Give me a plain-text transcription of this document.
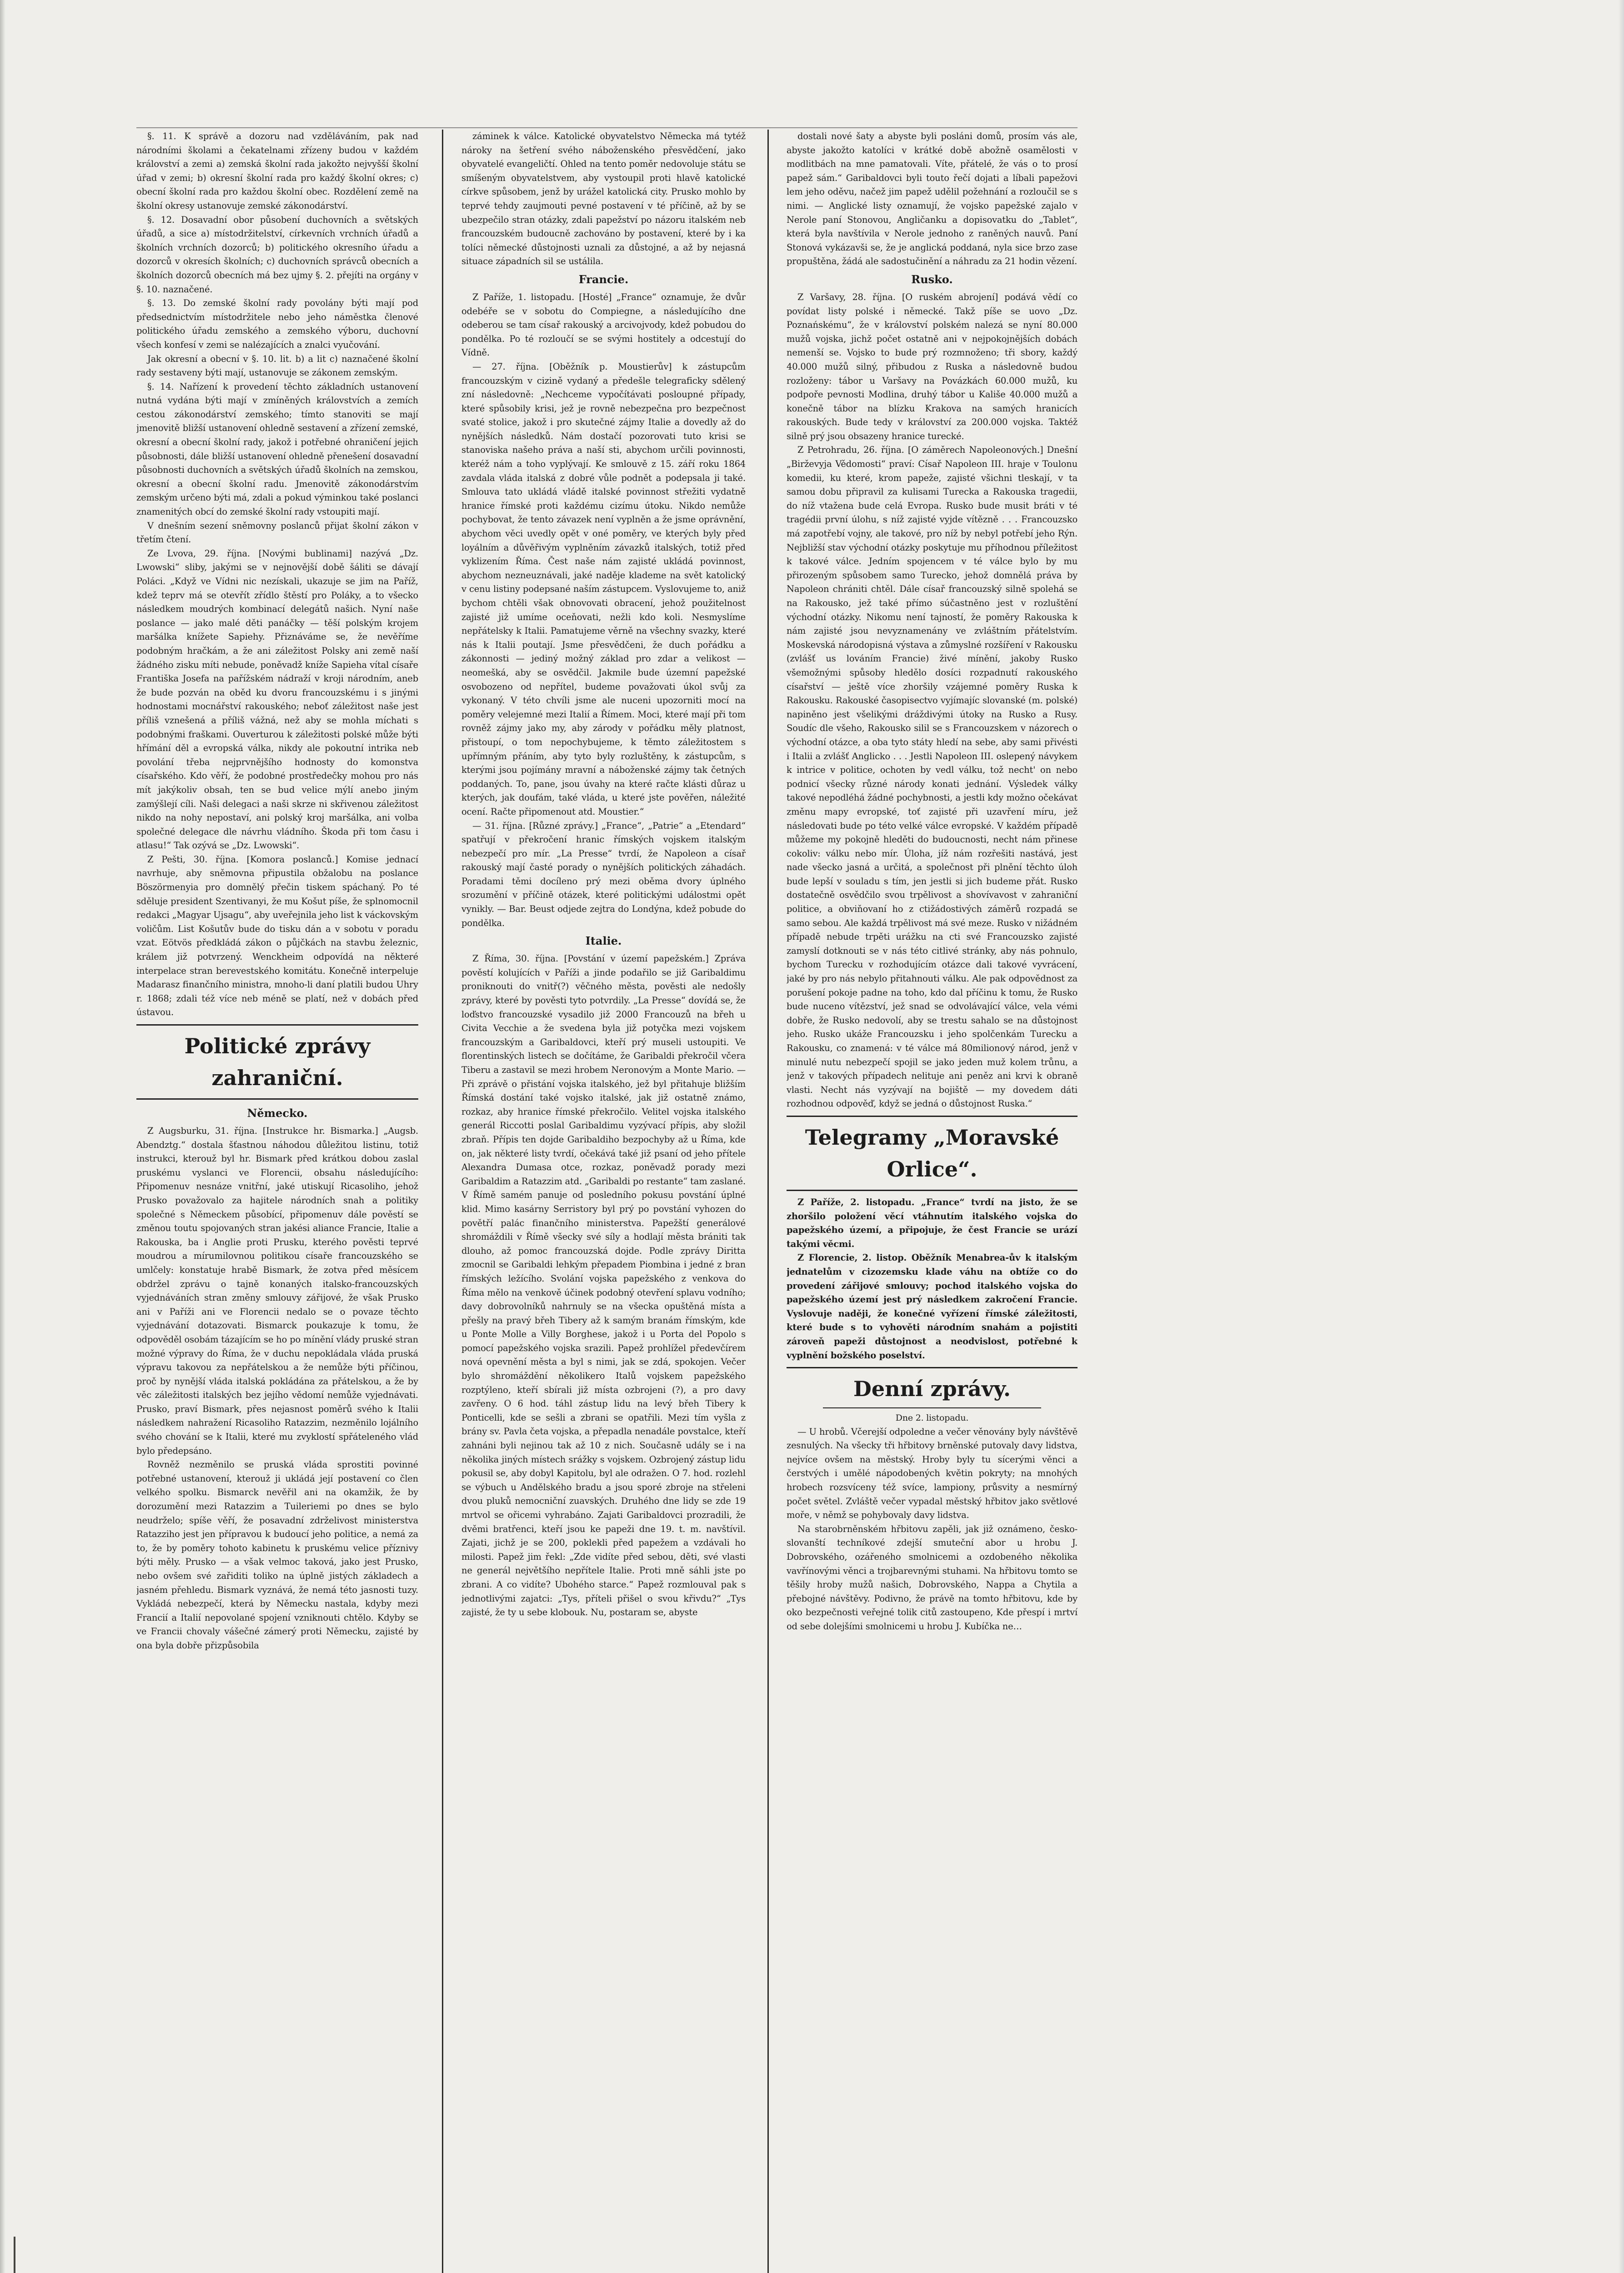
§. 11. K správě a dozoru nad vzděláváním, pak nad národními školami a čekatelnami zřízeny budou v každém království a zemi a) zemská školní rada jakožto nejvyšší školní úřad v zemi; b) okresní školní rada pro každý školní okres; c) obecní školní rada pro každou školní obec. Rozdělení země na školní okresy ustanovuje zemské zákonodárství.

§. 12. Dosavadní obor působení duchovních a světských úřadů, a sice a) místodržitelství, církevních vrchních úřadů a školních vrchních dozorců; b) politického okresního úřadu a dozorců v okresích školních; c) duchovních správců obecních a školních dozorců obecních má bez ujmy §. 2. přejíti na orgány v §. 10. naznačené.

§. 13. Do zemské školní rady povolány býti mají pod předsednictvím místodržitele nebo jeho náměstka členové politického úřadu zemského a zemského výboru, duchovní všech konfesí v zemi se nalézajících a znalci vyučování.

Jak okresní a obecní v §. 10. lit. b) a lit c) naznačené školní rady sestaveny býti mají, ustanovuje se zákonem zemským.

§. 14. Nařízení k provedení těchto základních ustanovení nutná vydána býti mají v zmíněných královstvích a zemích cestou zákonodárství zemského; tímto stanoviti se mají jmenovitě bližší ustanovení ohledně sestavení a zřízení zemské, okresní a obecní školní rady, jakož i potřebné ohraničení jejich působnosti, dále bližší ustanovení ohledně přenešení dosavadní působnosti duchovních a světských úřadů školních na zemskou, okresní a obecní školní radu. Jmenovitě zákonodárstvím zemským určeno býti má, zdali a pokud výminkou také poslanci znamenitých obcí do zemské školní rady vstoupiti mají.

V dnešním sezení sněmovny poslanců přijat školní zákon v třetím čtení.

Ze Lvova, 29. října. [Novými bublinami] nazývá „Dz. Lwowski“ sliby, jakými se v nejnovější době šáliti se dávají Poláci. „Když ve Vídni nic nezískali, ukazuje se jim na Paříž, kdež teprv má se otevřít zřídlo štěstí pro Poláky, a to všecko následkem moudrých kombinací delegátů našich. Nyní naše poslance — jako malé děti panáčky — těší polským krojem maršálka knížete Sapiehy. Přiznáváme se, že nevěříme podobným hračkám, a že ani záležitost Polsky ani země naší žádného zisku míti nebude, poněvadž kníže Sapieha vítal císaře Františka Josefa na pařížském nádraží v kroji národním, aneb že bude pozván na oběd ku dvoru francouzskému i s jinými hodnostami mocnářství rakouského; neboť záležitost naše jest příliš vznešená a příliš vážná, než aby se mohla míchati s podobnými fraškami. Ouverturou k záležitosti polské může býti hřímání děl a evropská válka, nikdy ale pokoutní intrika neb povolání třeba nejprvnějšího hodnosty do komonstva císařského. Kdo věří, že podobné prostředečky mohou pro nás mít jakýkoliv obsah, ten se bud velice mýlí anebo jiným zamýšlejí cíli. Naši delegaci a naši skrze ni skřivenou záležitost nikdo na nohy nepostaví, ani polský kroj maršálka, ani volba společné delegace dle návrhu vládního. Škoda při tom času i atlasu!“ Tak ozývá se „Dz. Lwowski“.

Z Pešti, 30. října. [Komora poslanců.] Komise jednací navrhuje, aby sněmovna připustila obžalobu na poslance Böszörmenyia pro domnělý přečin tiskem spáchaný. Po té sděluje president Szentivanyi, že mu Košut píše, že splnomocnil redakci „Magyar Ujsagu“, aby uveřejnila jeho list k váckovským voličům. List Košutův bude do tisku dán a v sobotu v poradu vzat. Eötvös předkládá zákon o půjčkách na stavbu železnic, králem již potvrzený. Wenckheim odpovídá na některé interpelace stran berevestského komitátu. Konečně interpeluje Madarasz finančního ministra, mnoho-li daní platili budou Uhry r. 1868; zdali též více neb méně se platí, než v dobách před ústavou.

Politické zprávy zahraniční.
Německo.

Z Augsburku, 31. října. [Instrukce hr. Bismarka.] „Augsb. Abendztg.“ dostala šťastnou náhodou důležitou listinu, totiž instrukci, kterouž byl hr. Bismark před krátkou dobou zaslal pruskému vyslanci ve Florencii, obsahu následujícího: Připomenuv nesnáze vnitřní, jaké utiskují Ricasoliho, jehož Prusko považovalo za hajitele národních snah a politiky společné s Německem působící, připomenuv dále pověstí se změnou toutu spojovaných stran jakési aliance Francie, Italie a Rakouska, ba i Anglie proti Prusku, kterého pověsti teprvé moudrou a mírumilovnou politikou císaře francouzského se umlčely: konstatuje hrabě Bismark, že zotva před měsícem obdržel zprávu o tajně konaných italsko-francouzských vyjednáváních stran změny smlouvy zářijové, že však Prusko ani v Paříži ani ve Florencii nedalo se o povaze těchto vyjednávání dotazovati. Bismarck poukazuje k tomu, že odpověděl osobám tázajícím se ho po mínění vlády pruské stran možné výpravy do Říma, že v duchu nepokládala vláda pruská výpravu takovou za nepřátelskou a že nemůže býti příčinou, proč by nynější vláda italská pokládána za přátelskou, a že by věc záležitosti italských bez jejího vědomí nemůže vyjednávati. Prusko, praví Bismark, přes nejasnost poměrů svého k Italii následkem nahražení Ricasoliho Ratazzim, nezměnilo lojálního svého chování se k Italii, které mu zvyklostí spřáteleného vlád bylo předepsáno.

Rovněž nezměnilo se pruská vláda sprostiti povinné potřebné ustanovení, kterouž ji ukládá její postavení co člen velkého spolku. Bismarck nevěřil ani na okamžik, že by dorozumění mezi Ratazzim a Tuileriemi po dnes se bylo neudrželo; spíše věří, že posavadní zdrželivost ministerstva Ratazziho jest jen přípravou k budoucí jeho politice, a nemá za to, že by poměry tohoto kabinetu k pruskému velice příznivy býti měly. Prusko — a však velmoc taková, jako jest Prusko, nebo ovšem své zařiditi toliko na úplně jistých základech a jasném přehledu. Bismark vyznává, že nemá této jasnosti tuzy. Vykládá nebezpečí, která by Německu nastala, kdyby mezi Francií a Italií nepovolané spojení vzniknouti chtělo. Kdyby se ve Francii chovaly vášečné zámerý proti Německu, zajisté by ona byla dobře přizpůsobila

záminek k válce. Katolické obyvatelstvo Německa má tytéž nároky na šetření svého náboženského přesvědčení, jako obyvatelé evangeličtí. Ohled na tento poměr nedovoluje státu se smíšeným obyvatelstvem, aby vystoupil proti hlavě katolické církve spůsobem, jenž by urážel katolická city. Prusko mohlo by teprvé tehdy zaujmouti pevné postavení v té příčině, až by se ubezpečilo stran otázky, zdali papežství po názoru italském neb francouzském budoucně zachováno by postavení, které by i ka tolíci německé důstojnosti uznali za důstojné, a až by nejasná situace západních sil se ustálila.

Francie.

Z Paříže, 1. listopadu. [Hosté] „France“ oznamuje, že dvůr odebéře se v sobotu do Compiegne, a následujícího dne odeberou se tam císař rakouský a arcivojvody, kdež pobudou do pondělka. Po té rozloučí se se svými hostitely a odcestují do Vídně.

— 27. října. [Oběžník p. Moustierův] k zástupcům francouzským v cizině vydaný a předešle telegraficky sdělený zní následovně: „Nechceme vypočítávati posloupné případy, které spůsobily krisi, jež je rovně nebezpečna pro bezpečnost svaté stolice, jakož i pro skutečné zájmy Italie a dovedly až do nynějších následků. Nám dostačí pozorovati tuto krisi se stanoviska našeho práva a naší sti, abychom určili povinnosti, kteréž nám a toho vyplývají. Ke smlouvě z 15. září roku 1864 zavdala vláda italská z dobré vůle podnět a podepsala ji také. Smlouva tato ukládá vládě italské povinnost střežiti vydatně hranice římské proti každému cizímu útoku. Nikdo nemůže pochybovat, že tento závazek není vyplněn a že jsme oprávnění, abychom věci uvedly opět v oné poměry, ve kterých byly před loyálním a důvěřivým vyplněním závazků italských, totiž před vyklizením Říma. Čest naše nám zajisté ukládá povinnost, abychom nezneuznávali, jaké naděje klademe na svět katolický v cenu listiny podepsané naším zástupcem. Vyslovujeme to, aniž bychom chtěli však obnovovati obracení, jehož použitelnost zajisté již umíme oceňovati, nežli kdo koli. Nesmyslíme nepřátelsky k Italii. Pamatujeme věrně na všechny svazky, které nás k Italii poutají. Jsme přesvědčeni, že duch pořádku a zákonnosti — jediný možný základ pro zdar a velikost — neomešká, aby se osvědčil. Jakmile bude územní papežské osvobozeno od nepřítel, budeme považovati úkol svůj za vykonaný. V této chvíli jsme ale nuceni upozorniti mocí na poměry velejemné mezi Italií a Římem. Moci, které mají při tom rovněž zájmy jako my, aby zárody v pořádku měly platnost, přistoupí, o tom nepochybujeme, k těmto záležitostem s upřímným přáním, aby tyto byly rozluštěny, k zástupcům, s kterými jsou pojímány mravní a náboženské zájmy tak četných poddaných. To, pane, jsou úvahy na které račte klásti důraz u kterých, jak doufám, také vláda, u které jste pověřen, náležité ocení. Račte připomenout atd. Moustier.“

— 31. října. [Různé zprávy.] „France“, „Patrie“ a „Etendard“ spatřují v překročení hranic římských vojskem italským nebezpečí pro mír. „La Presse“ tvrdí, že Napoleon a císař rakouský mají časté porady o nynějších politických záhadách. Poradami těmi docíleno prý mezi oběma dvory úplného srozumění v příčině otázek, které politickými událostmi opět vynikly. — Bar. Beust odjede zejtra do Londýna, kdež pobude do pondělka.

Italie.

Z Říma, 30. října. [Povstání v území papežském.] Zpráva pověstí kolujících v Paříži a jinde podařilo se již Garibaldimu proniknouti do vnitř(?) věčného města, pověsti ale nedošly zprávy, které by pověsti tyto potvrdily. „La Presse“ dovídá se, že loďstvo francouzské vysadilo již 2000 Francouzů na břeh u Civita Vecchie a že svedena byla již potyčka mezi vojskem francouzským a Garibaldovci, kteří prý museli ustoupiti. Ve florentinských listech se dočítáme, že Garibaldi překročil včera Tiberu a zastavil se mezi hrobem Neronovým a Monte Mario. — Při zprávě o přistání vojska italského, jež byl přitahuje bližším Římská dostání také vojsko italské, jak již ostatně známo, rozkaz, aby hranice římské překročilo. Velitel vojska italského generál Riccotti poslal Garibaldimu vyzývací přípis, aby složil zbraň. Přípis ten dojde Garibaldiho bezpochyby až u Říma, kde on, jak některé listy tvrdí, očekává také již psaní od jeho přítele Alexandra Dumasa otce, rozkaz, poněvadž porady mezi Garibaldim a Ratazzim atd. „Garibaldi po restante“ tam zaslané. V Římě samém panuje od posledního pokusu povstání úplné klid. Mimo kasárny Serristory byl prý po povstání vyhozen do povětří palác finančního ministerstva. Papežští generálové shromáždili v Římě všecky své síly a hodlají města brániti tak dlouho, až pomoc francouzská dojde. Podle zprávy Diritta zmocnil se Garibaldi lehkým přepadem Piombina i jedné z bran římských ležícího. Svolání vojska papežského z venkova do Říma mělo na venkově účinek podobný otevření splavu vodního; davy dobrovolníků nahrnuly se na všecka opuštěná místa a přešly na pravý břeh Tibery až k samým branám římským, kde u Ponte Molle a Villy Borghese, jakož i u Porta del Popolo s pomocí papežského vojska srazili. Papež prohlížel předevčírem nová opevnění města a byl s nimi, jak se zdá, spokojen. Večer bylo shromáždění několikero Italů vojskem papežského rozptýleno, kteří sbírali již místa ozbrojeni (?), a pro davy zavřeny. O 6 hod. táhl zástup lidu na levý břeh Tibery k Ponticelli, kde se sešli a zbrani se opatřili. Mezi tím vyšla z brány sv. Pavla četa vojska, a přepadla nenadále povstalce, kteří zahnáni byli nejinou tak až 10 z nich. Současně udály se i na několika jiných místech srážky s vojskem. Ozbrojený zástup lidu pokusil se, aby dobyl Kapitolu, byl ale odražen. O 7. hod. rozlehl se výbuch u Andělského bradu a jsou sporé zbroje na střeleni dvou pluků nemocniční zuavských. Druhého dne lidy se zde 19 mrtvol se ořicemi vyhrabáno. Zajati Garibaldovci prozradili, že dvěmi bratřenci, kteří jsou ke papeži dne 19. t. m. navštívil. Zajati, jichž je se 200, poklekli před papežem a vzdávali ho milosti. Papež jim řekl: „Zde vidíte před sebou, děti, své vlasti ne generál největšího nepřítele Italie. Proti mně sáhli jste po zbrani. A co vidíte? Ubohého starce.“ Papež rozmlouval pak s jednotlivými zajatci: „Tys, příteli přišel o svou křivdu?“ „Tys zajisté, že ty u sebe klobouk. Nu, postaram se, abyste

dostali nové šaty a abyste byli posláni domů, prosím vás ale, abyste jakožto katolíci v krátké době abožně osamělosti v modlitbách na mne pamatovali. Víte, přátelé, že vás o to prosí papež sám.“ Garibaldovci byli touto řečí dojati a líbali papežovi lem jeho oděvu, načež jim papež udělil požehnání a rozloučil se s nimi. — Anglické listy oznamují, že vojsko papežské zajalo v Nerole paní Stonovou, Angličanku a dopisovatku do „Tablet“, která byla navštívila v Nerole jednoho z raněných nauvů. Paní Stonová vykázavši se, že je anglická poddaná, nyla sice brzo zase propuštěna, žádá ale sadostučinění a náhradu za 21 hodin vězení.

Rusko.

Z Varšavy, 28. října. [O ruském abrojení] podává vědí co povídat listy polské i německé. Takž píše se uovo „Dz. Poznańskému“, že v království polském nalezá se nyní 80.000 mužů vojska, jichž počet ostatně ani v nejpokojnějších dobách nemenší se. Vojsko to bude prý rozmnoženo; tři sbory, každý 40.000 mužů silný, přibudou z Ruska a následovně budou rozloženy: tábor u Varšavy na Povázkách 60.000 mužů, ku podpoře pevnosti Modlina, druhý tábor u Kališe 40.000 mužů a konečně tábor na blízku Krakova na samých hranicích rakouských. Bude tedy v království za 200.000 vojska. Taktéž silně prý jsou obsazeny hranice turecké.

Z Petrohradu, 26. října. [O záměrech Napoleonových.] Dnešní „Birževyja Vědomosti“ praví: Císař Napoleon III. hraje v Toulonu komedii, ku které, krom papeže, zajisté všichni tleskají, v ta samou dobu připravil za kulisami Turecka a Rakouska tragedii, do níž vtažena bude celá Evropa. Rusko bude musit bráti v té tragédii první úlohu, s níž zajisté vyjde vítězně . . . Francouzsko má zapotřebí vojny, ale takové, pro níž by nebyl potřebí jeho Rýn. Nejbližší stav východní otázky poskytuje mu příhodnou příležitost k takové válce. Jedním spojencem v té válce bylo by mu přirozeným spůsobem samo Turecko, jehož domnělá práva by Napoleon chrániti chtěl. Dále císař francouzský silně spolehá se na Rakousko, jež také přímo súčastněno jest v rozluštění východní otázky. Nikomu není tajností, že poměry Rakouska k nám zajisté jsou nevyznamenány ve zvláštním přátelstvím. Moskevská národopisná výstava a zůmyslné rozšíření v Rakousku (zvlášť us lováním Francie) živé mínění, jakoby Rusko všemožnými spůsoby hledělo dosíci rozpadnutí rakouského císařství — ještě více zhoršily vzájemné poměry Ruska k Rakousku. Rakouské časopisectvo vyjímajíc slovanské (m. polské) napiněno jest všelikými dráždivými útoky na Rusko a Rusy. Soudíc dle všeho, Rakousko silil se s Francouzskem v názorech o východní otázce, a oba tyto státy hledí na sebe, aby sami přivésti i Italii a zvlášť Anglicko . . . Jestli Napoleon III. oslepený návykem k intrice v politice, ochoten by vedl válku, tož necht' on nebo podnicí všecky různé národy konati jednání. Výsledek války takové nepodléhá žádné pochybnosti, a jestli kdy možno očekávat změnu mapy evropské, toť zajisté při uzavření míru, jež následovati bude po této velké válce evropské. V každém případě můžeme my pokojně hleděti do budoucnosti, necht nám přinese cokoliv: válku nebo mír. Úloha, jíž nám rozřešiti nastává, jest nade všecko jasná a určitá, a společnost při plnění těchto úloh bude lepší v souladu s tím, jen jestli si jich budeme přát. Rusko dostatečně osvědčilo svou trpělivost a shovívavost v zahraniční politice, a obviňovaní ho z ctižádostivých záměrů rozpadá se samo sebou. Ale každá trpělivost má své meze. Rusko v nižádném případě nebude trpěti urážku na cti své Francouzsko zajisté zamyslí dotknouti se v nás této citlivé stránky, aby nás pohnulo, bychom Turecku v rozhodujícím otázce dali takové vyvrácení, jaké by pro nás nebylo přitahnouti válku. Ale pak odpovědnost za porušení pokoje padne na toho, kdo dal příčinu k tomu, že Rusko bude nuceno vítězství, jež snad se odvolávající válce, vela vémi dobře, že Rusko nedovolí, aby se trestu sahalo se na důstojnost jeho. Rusko ukáže Francouzsku i jeho spolčenkám Turecku a Rakousku, co znamená: v té válce má 80milionový národ, jenž v minulé nutu nebezpečí spojil se jako jeden muž kolem trůnu, a jenž v takových případech nelituje ani peněz ani krvi k obraně vlasti. Necht nás vyzývají na bojiště — my dovedem dáti rozhodnou odpověď, když se jedná o důstojnost Ruska.“

Telegramy „Moravské Orlice“.

Z Paříže, 2. listopadu. „France“ tvrdí na jisto, že se zhoršilo položení věcí vtáhnutím italského vojska do papežského území, a připojuje, že čest Francie se urází takými věcmi.

Z Florencie, 2. listop. Oběžník Menabrea-ův k italským jednatelům v cizozemsku klade váhu na obtíže co do provedení zářijové smlouvy; pochod italského vojska do papežského území jest prý následkem zakročení Francie. Vyslovuje naději, že konečné vyřízení římské záležitosti, které bude s to vyhověti národním snahám a pojistiti zároveň papeži důstojnost a neodvislost, potřebné k vyplnění božského poselství.

Denní zprávy.
Dne 2. listopadu.

— U hrobů. Včerejší odpoledne a večer věnovány byly návštěvě zesnulých. Na všecky tři hřbitovy brněnské putovaly davy lidstva, nejvíce ovšem na městský. Hroby byly tu sícerými věnci a čerstvých i umělé nápodobených květin pokryty; na mnohých hrobech rozsvíceny též svíce, lampiony, průsvity a nesmírný počet světel. Zvláště večer vypadal městský hřbitov jako světlové moře, v němž se pohybovaly davy lidstva.

Na starobrněnském hřbitovu zapěli, jak již oznámeno, česko-slovanští techníkové zdejší smuteční abor u hrobu J. Dobrovského, ozářeného smolnicemi a ozdobeného několika vavřínovými věnci a trojbarevnými stuhami. Na hřbitovu tomto se těšily hroby mužů našich, Dobrovského, Nappa a Chytila a přebojné návštěvy. Podivno, že právě na tomto hřbitovu, kde by oko bezpečnosti veřejné tolik citů zastoupeno, Kde přespí i mrtví od sebe dolejšími smolnicemi u hrobu J. Kubíčka ne…
